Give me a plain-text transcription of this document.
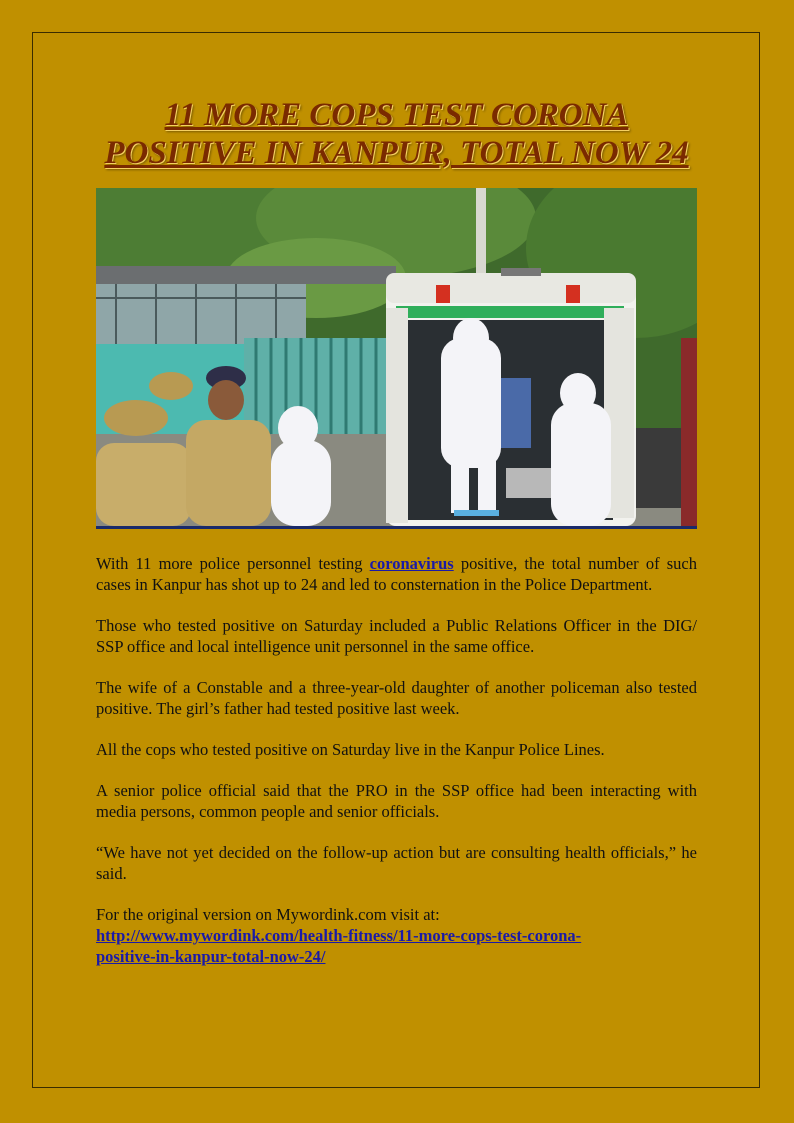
11 MORE COPS TEST CORONA
POSITIVE IN KANPUR, TOTAL NOW 24

With 11 more police personnel testing coronavirus positive, the total number of such cases in Kanpur has shot up to 24 and led to consternation in the Police Department.

Those who tested positive on Saturday included a Public Relations Officer in the DIG/ SSP office and local intelligence unit personnel in the same office.

The wife of a Constable and a three-year-old daughter of another policeman also tested positive. The girl’s father had tested positive last week.

All the cops who tested positive on Saturday live in the Kanpur Police Lines.

A senior police official said that the PRO in the SSP office had been interacting with media persons, common people and senior officials.

“We have not yet decided on the follow-up action but are consulting health officials,” he said.

For the original version on Mywordink.com visit at:
http://www.mywordink.com/health-fitness/11-more-cops-test-corona-
positive-in-kanpur-total-now-24/
